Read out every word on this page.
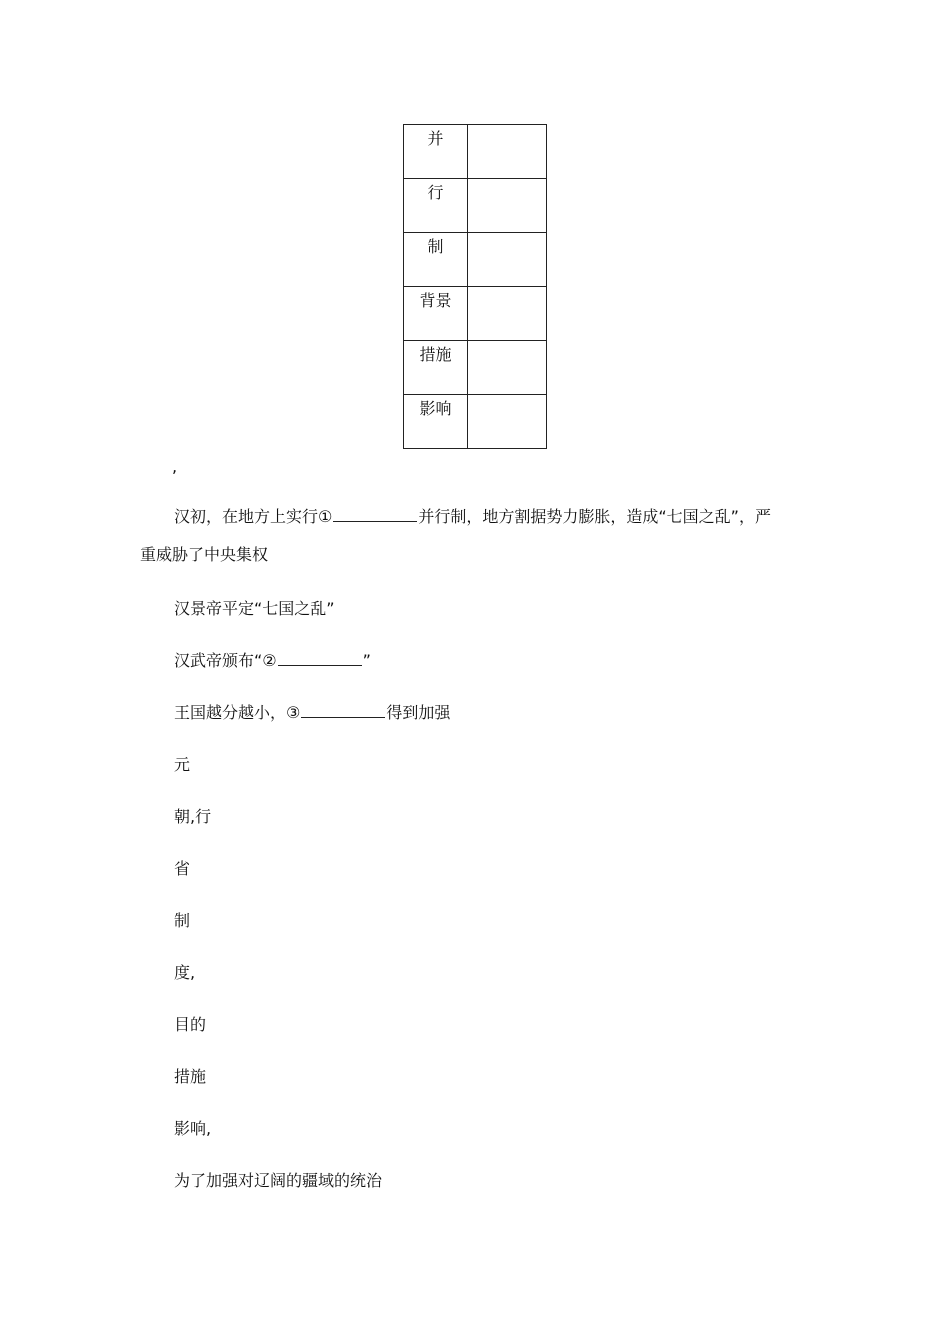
并	
行	
制	
背景	
措施	
影响	
,
汉初，在地方上实行①	并行制，地方割据势力膨胀，造成“七国之乱”，严
重威胁了中央集权
汉景帝平定“七国之乱”
汉武帝颁布“②	”
王国越分越小，③	得到加强
元
朝,行
省
制
度,
目的
措施
影响,
为了加强对辽阔的疆域的统治
